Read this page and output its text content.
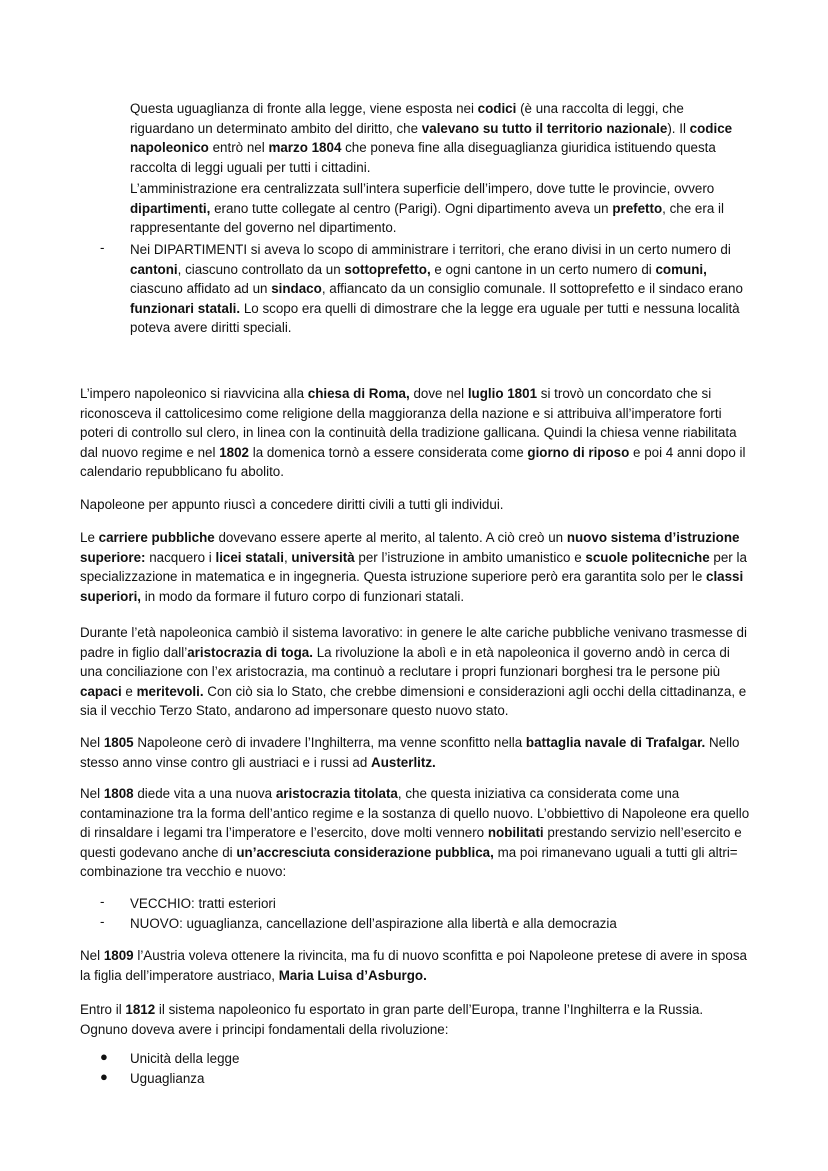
Questa uguaglianza di fronte alla legge, viene esposta nei codici (è una raccolta di leggi, che riguardano un determinato ambito del diritto, che valevano su tutto il territorio nazionale). Il codice napoleonico entrò nel marzo 1804 che poneva fine alla diseguaglianza giuridica istituendo questa raccolta di leggi uguali per tutti i cittadini.

L’amministrazione era centralizzata sull’intera superficie dell’impero, dove tutte le provincie, ovvero dipartimenti, erano tutte collegate al centro (Parigi). Ogni dipartimento aveva un prefetto, che era il rappresentante del governo nel dipartimento.

- Nei DIPARTIMENTI si aveva lo scopo di amministrare i territori, che erano divisi in un certo numero di cantoni, ciascuno controllato da un sottoprefetto, e ogni cantone in un certo numero di comuni, ciascuno affidato ad un sindaco, affiancato da un consiglio comunale. Il sottoprefetto e il sindaco erano funzionari statali. Lo scopo era quelli di dimostrare che la legge era uguale per tutti e nessuna località poteva avere diritti speciali.

L’impero napoleonico si riavvicina alla chiesa di Roma, dove nel luglio 1801 si trovò un concordato che si riconosceva il cattolicesimo come religione della maggioranza della nazione e si attribuiva all’imperatore forti poteri di controllo sul clero, in linea con la continuità della tradizione gallicana. Quindi la chiesa venne riabilitata dal nuovo regime e nel 1802 la domenica tornò a essere considerata come giorno di riposo e poi 4 anni dopo il calendario repubblicano fu abolito.

Napoleone per appunto riuscì a concedere diritti civili a tutti gli individui.

Le carriere pubbliche dovevano essere aperte al merito, al talento. A ciò creò un nuovo sistema d’istruzione superiore: nacquero i licei statali, università per l’istruzione in ambito umanistico e scuole politecniche per la specializzazione in matematica e in ingegneria. Questa istruzione superiore però era garantita solo per le classi superiori, in modo da formare il futuro corpo di funzionari statali.

Durante l’età napoleonica cambiò il sistema lavorativo: in genere le alte cariche pubbliche venivano trasmesse di padre in figlio dall’aristocrazia di toga. La rivoluzione la abolì e in età napoleonica il governo andò in cerca di una conciliazione con l’ex aristocrazia, ma continuò a reclutare i propri funzionari borghesi tra le persone più capaci e meritevoli. Con ciò sia lo Stato, che crebbe dimensioni e considerazioni agli occhi della cittadinanza, e sia il vecchio Terzo Stato, andarono ad impersonare questo nuovo stato.

Nel 1805 Napoleone cerò di invadere l’Inghilterra, ma venne sconfitto nella battaglia navale di Trafalgar. Nello stesso anno vinse contro gli austriaci e i russi ad Austerlitz.

Nel 1808 diede vita a una nuova aristocrazia titolata, che questa iniziativa ca considerata come una contaminazione tra la forma dell’antico regime e la sostanza di quello nuovo. L’obbiettivo di Napoleone era quello di rinsaldare i legami tra l’imperatore e l’esercito, dove molti vennero nobilitati prestando servizio nell’esercito e questi godevano anche di un’accresciuta considerazione pubblica, ma poi rimanevano uguali a tutti gli altri= combinazione tra vecchio e nuovo:

- VECCHIO: tratti esteriori

- NUOVO: uguaglianza, cancellazione dell’aspirazione alla libertà e alla democrazia

Nel 1809 l’Austria voleva ottenere la rivincita, ma fu di nuovo sconfitta e poi Napoleone pretese di avere in sposa la figlia dell’imperatore austriaco, Maria Luisa d’Asburgo.

Entro il 1812 il sistema napoleonico fu esportato in gran parte dell’Europa, tranne l’Inghilterra e la Russia. Ognuno doveva avere i principi fondamentali della rivoluzione:

● Unicità della legge

● Uguaglianza
